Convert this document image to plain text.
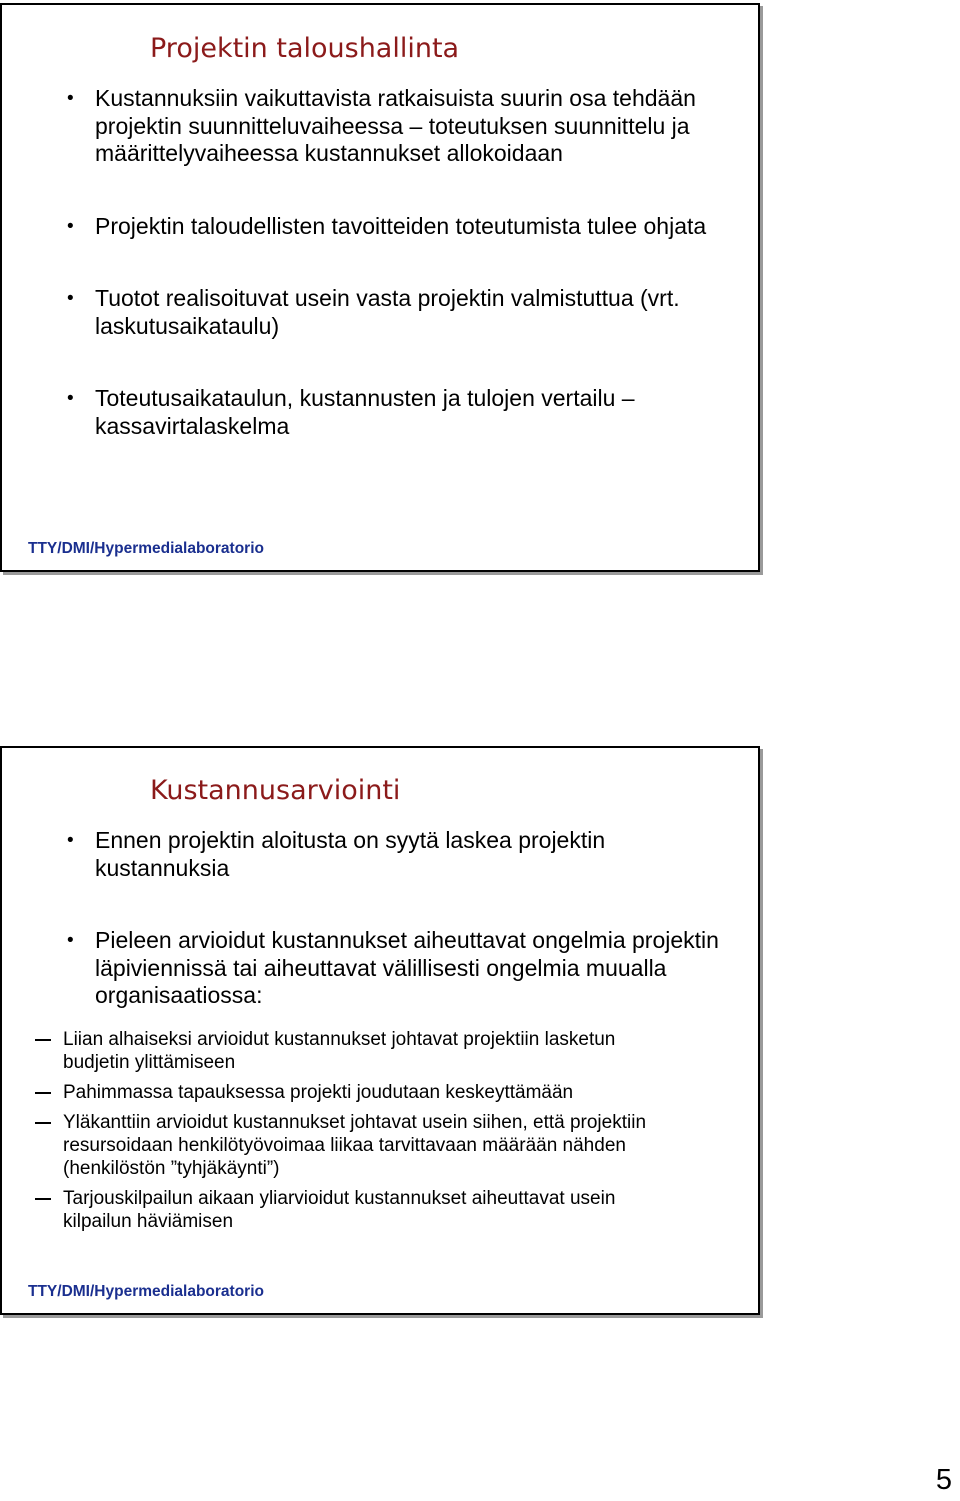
Projektin taloushallinta
• Kustannuksiin vaikuttavista ratkaisuista suurin osa tehdään projektin suunnitteluvaiheessa – toteutuksen suunnittelu ja määrittelyvaiheessa kustannukset allokoidaan
• Projektin taloudellisten tavoitteiden toteutumista tulee ohjata
• Tuotot realisoituvat usein vasta projektin valmistuttua (vrt. laskutusaikataulu)
• Toteutusaikataulun, kustannusten ja tulojen vertailu – kassavirtalaskelma
TTY/DMI/Hypermedialaboratorio
Kustannusarviointi
• Ennen projektin aloitusta on syytä laskea projektin kustannuksia
• Pieleen arvioidut kustannukset aiheuttavat ongelmia projektin läpiviennissä tai aiheuttavat välillisesti ongelmia muualla organisaatiossa:
Liian alhaiseksi arvioidut kustannukset johtavat projektiin lasketun budjetin ylittämiseen
Pahimmassa tapauksessa projekti joudutaan keskeyttämään
Yläkanttiin arvioidut kustannukset johtavat usein siihen, että projektiin resursoidaan henkilötyövoimaa liikaa tarvittavaan määrään nähden (henkilöstön ”tyhjäkäynti”)
Tarjouskilpailun aikaan yliarvioidut kustannukset aiheuttavat usein kilpailun häviämisen
TTY/DMI/Hypermedialaboratorio
5
